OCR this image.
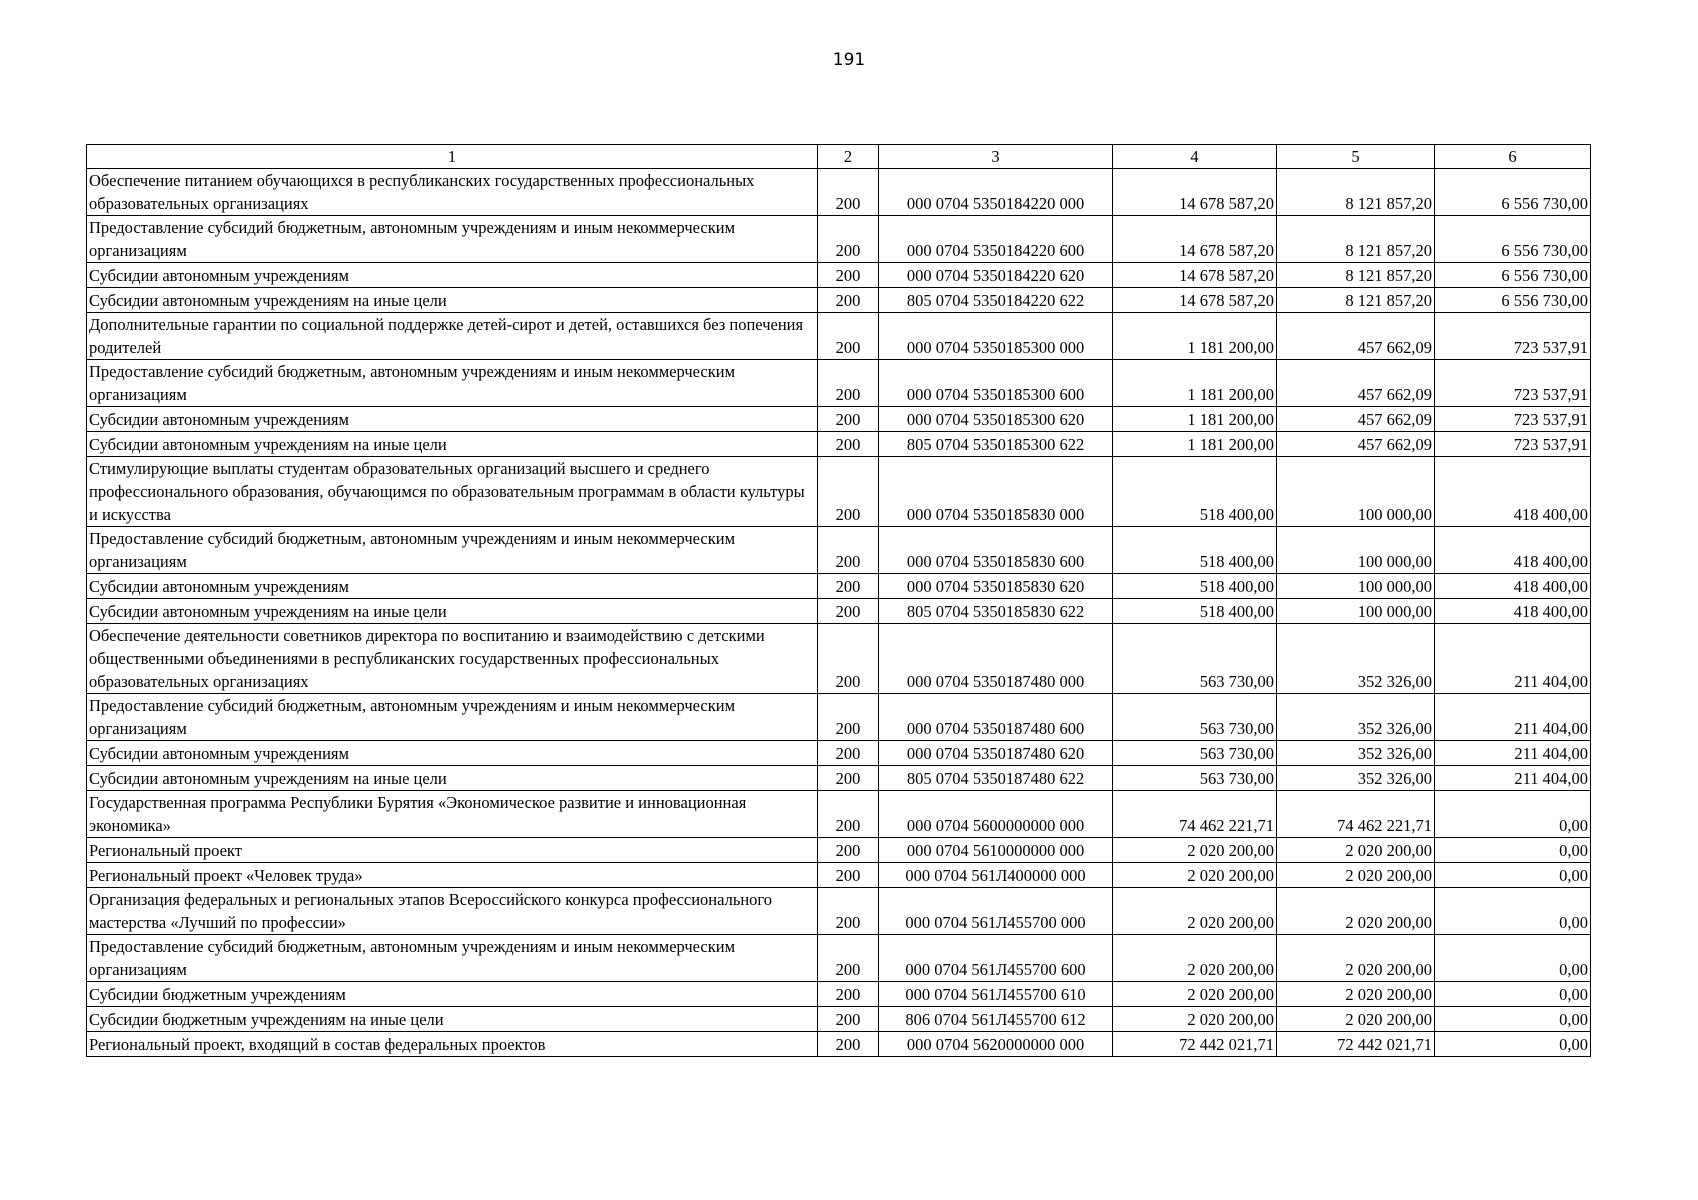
191
1	2	3	4	5	6
Обеспечение питанием обучающихся в республиканских государственных профессиональных образовательных организациях	200	000 0704 5350184220 000	14 678 587,20	8 121 857,20	6 556 730,00
Предоставление субсидий бюджетным, автономным учреждениям и иным некоммерческим организациям	200	000 0704 5350184220 600	14 678 587,20	8 121 857,20	6 556 730,00
Субсидии автономным учреждениям	200	000 0704 5350184220 620	14 678 587,20	8 121 857,20	6 556 730,00
Субсидии автономным учреждениям на иные цели	200	805 0704 5350184220 622	14 678 587,20	8 121 857,20	6 556 730,00
Дополнительные гарантии по социальной поддержке детей-сирот и детей, оставшихся без попечения родителей	200	000 0704 5350185300 000	1 181 200,00	457 662,09	723 537,91
Предоставление субсидий бюджетным, автономным учреждениям и иным некоммерческим организациям	200	000 0704 5350185300 600	1 181 200,00	457 662,09	723 537,91
Субсидии автономным учреждениям	200	000 0704 5350185300 620	1 181 200,00	457 662,09	723 537,91
Субсидии автономным учреждениям на иные цели	200	805 0704 5350185300 622	1 181 200,00	457 662,09	723 537,91
Стимулирующие выплаты студентам образовательных организаций высшего и среднего профессионального образования, обучающимся по образовательным программам в области культуры и искусства	200	000 0704 5350185830 000	518 400,00	100 000,00	418 400,00
Предоставление субсидий бюджетным, автономным учреждениям и иным некоммерческим организациям	200	000 0704 5350185830 600	518 400,00	100 000,00	418 400,00
Субсидии автономным учреждениям	200	000 0704 5350185830 620	518 400,00	100 000,00	418 400,00
Субсидии автономным учреждениям на иные цели	200	805 0704 5350185830 622	518 400,00	100 000,00	418 400,00
Обеспечение деятельности советников директора по воспитанию и взаимодействию с детскими общественными объединениями в республиканских государственных профессиональных образовательных организациях	200	000 0704 5350187480 000	563 730,00	352 326,00	211 404,00
Предоставление субсидий бюджетным, автономным учреждениям и иным некоммерческим организациям	200	000 0704 5350187480 600	563 730,00	352 326,00	211 404,00
Субсидии автономным учреждениям	200	000 0704 5350187480 620	563 730,00	352 326,00	211 404,00
Субсидии автономным учреждениям на иные цели	200	805 0704 5350187480 622	563 730,00	352 326,00	211 404,00
Государственная программа Республики Бурятия «Экономическое развитие и инновационная экономика»	200	000 0704 5600000000 000	74 462 221,71	74 462 221,71	0,00
Региональный проект	200	000 0704 5610000000 000	2 020 200,00	2 020 200,00	0,00
Региональный проект «Человек труда»	200	000 0704 561Л400000 000	2 020 200,00	2 020 200,00	0,00
Организация федеральных и региональных этапов Всероссийского конкурса профессионального мастерства «Лучший по профессии»	200	000 0704 561Л455700 000	2 020 200,00	2 020 200,00	0,00
Предоставление субсидий бюджетным, автономным учреждениям и иным некоммерческим организациям	200	000 0704 561Л455700 600	2 020 200,00	2 020 200,00	0,00
Субсидии бюджетным учреждениям	200	000 0704 561Л455700 610	2 020 200,00	2 020 200,00	0,00
Субсидии бюджетным учреждениям на иные цели	200	806 0704 561Л455700 612	2 020 200,00	2 020 200,00	0,00
Региональный проект, входящий в состав федеральных проектов	200	000 0704 5620000000 000	72 442 021,71	72 442 021,71	0,00
